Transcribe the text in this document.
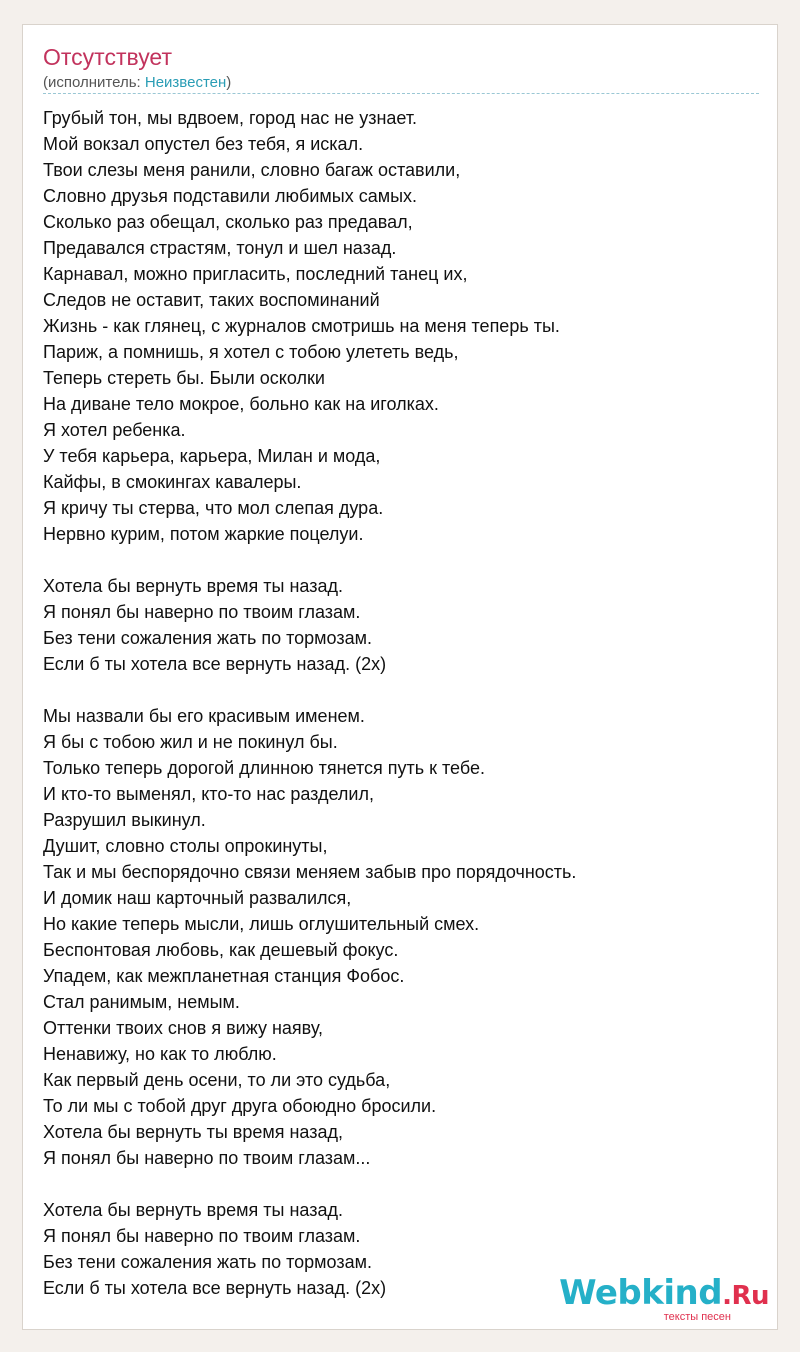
Отсутствует
(исполнитель: Неизвестен)
Грубый тон, мы вдвоем, город нас не узнает.
Мой вокзал опустел без тебя, я искал.
Твои слезы меня ранили, словно багаж оставили,
Словно друзья подставили любимых самых.
Сколько раз обещал, сколько раз предавал,
Предавался страстям, тонул и шел назад.
Карнавал, можно пригласить, последний танец их,
Следов не оставит, таких воспоминаний
Жизнь - как глянец, с журналов смотришь на меня теперь ты.
Париж, а помнишь, я хотел с тобою улететь ведь,
Теперь стереть бы. Были осколки
На диване тело мокрое, больно как на иголках.
Я хотел ребенка.
У тебя карьера, карьера, Милан и мода,
Кайфы, в смокингах кавалеры.
Я кричу ты стерва, что мол слепая дура.
Нервно курим, потом жаркие поцелуи.
Хотела бы вернуть время ты назад.
Я понял бы наверно по твоим глазам.
Без тени сожаления жать по тормозам.
Если б ты хотела все вернуть назад. (2x)
Мы назвали бы его красивым именем.
Я бы с тобою жил и не покинул бы.
Только теперь дорогой длинною тянется путь к тебе.
И кто-то выменял, кто-то нас разделил,
Разрушил выкинул.
Душит, словно столы опрокинуты,
Так и мы беспорядочно связи меняем забыв про порядочность.
И домик наш карточный развалился,
Но какие теперь мысли, лишь оглушительный смех.
Беспонтовая любовь, как дешевый фокус.
Упадем, как межпланетная станция Фобос.
Стал ранимым, немым.
Оттенки твоих снов я вижу наяву,
Ненавижу, но как то люблю.
Как первый день осени, то ли это судьба,
То ли мы с тобой друг друга обоюдно бросили.
Хотела бы вернуть ты время назад,
Я понял бы наверно по твоим глазам...
Хотела бы вернуть время ты назад.
Я понял бы наверно по твоим глазам.
Без тени сожаления жать по тормозам.
Если б ты хотела все вернуть назад. (2x)	Webkind.Ru
тексты песен
